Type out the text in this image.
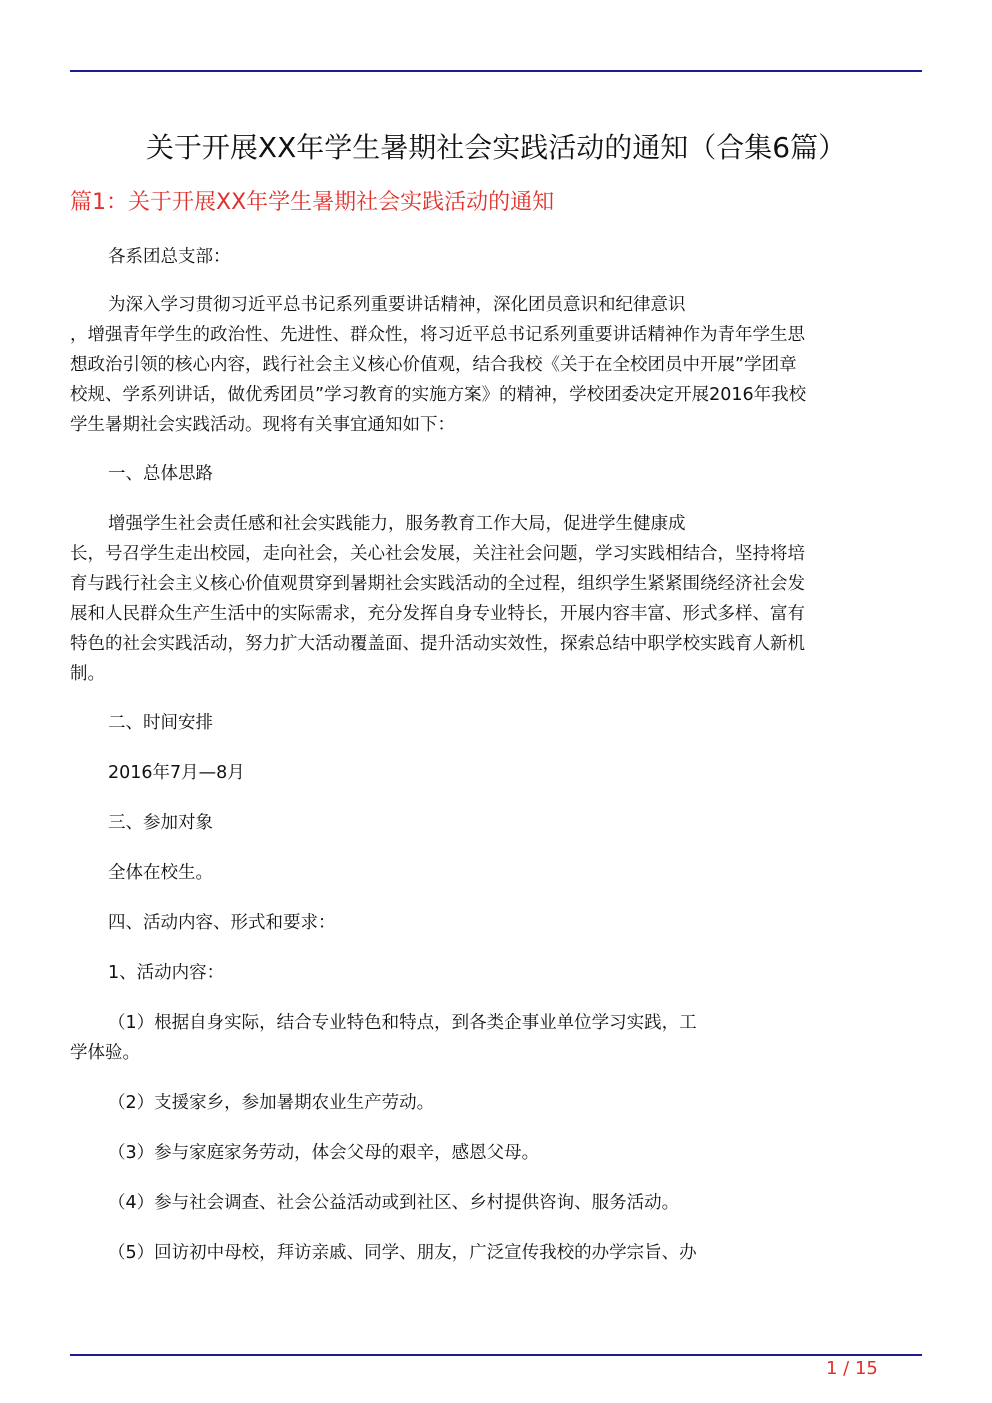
关于开展XX年学生暑期社会实践活动的通知（合集6篇）
篇1：关于开展XX年学生暑期社会实践活动的通知
各系团总支部：
为深入学习贯彻习近平总书记系列重要讲话精神，深化团员意识和纪律意识
，增强青年学生的政治性、先进性、群众性，将习近平总书记系列重要讲话精神作为青年学生思
想政治引领的核心内容，践行社会主义核心价值观，结合我校《关于在全校团员中开展”学团章
校规、学系列讲话，做优秀团员”学习教育的实施方案》的精神，学校团委决定开展2016年我校
学生暑期社会实践活动。现将有关事宜通知如下：
一、总体思路
增强学生社会责任感和社会实践能力，服务教育工作大局，促进学生健康成
长，号召学生走出校园，走向社会，关心社会发展，关注社会问题，学习实践相结合，坚持将培
育与践行社会主义核心价值观贯穿到暑期社会实践活动的全过程，组织学生紧紧围绕经济社会发
展和人民群众生产生活中的实际需求，充分发挥自身专业特长，开展内容丰富、形式多样、富有
特色的社会实践活动，努力扩大活动覆盖面、提升活动实效性，探索总结中职学校实践育人新机
制。
二、时间安排
2016年7月—8月
三、参加对象
全体在校生。
四、活动内容、形式和要求：
1、活动内容：
（1）根据自身实际，结合专业特色和特点，到各类企事业单位学习实践，工
学体验。
（2）支援家乡，参加暑期农业生产劳动。
（3）参与家庭家务劳动，体会父母的艰辛，感恩父母。
（4）参与社会调查、社会公益活动或到社区、乡村提供咨询、服务活动。
（5）回访初中母校，拜访亲戚、同学、朋友，广泛宣传我校的办学宗旨、办
1 / 15
